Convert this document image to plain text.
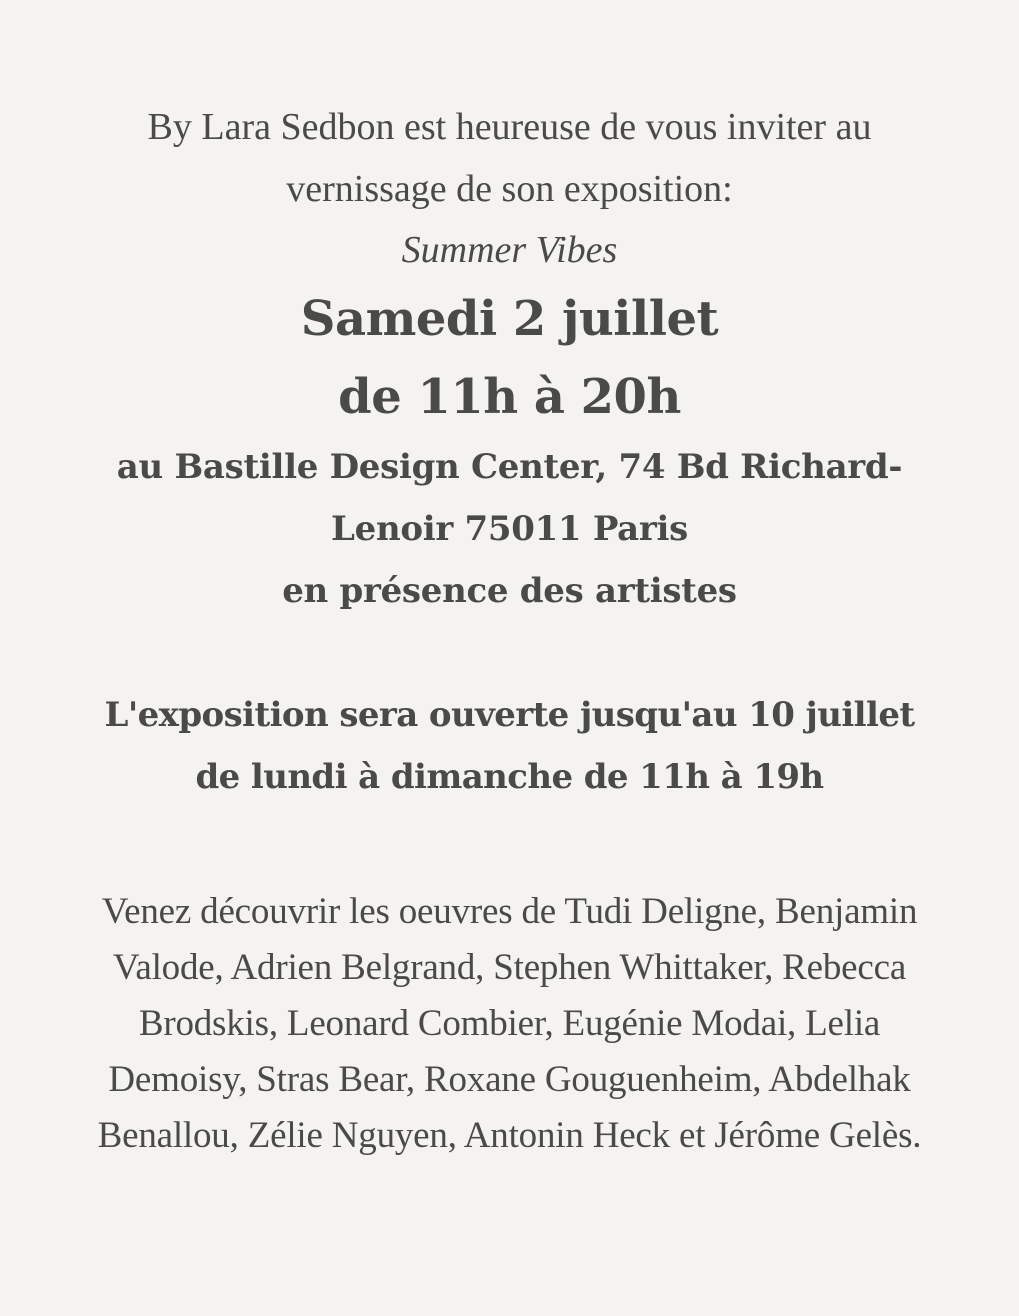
By Lara Sedbon est heureuse de vous inviter au

vernissage de son exposition:

Summer Vibes

Samedi 2 juillet

de 11h à 20h

au Bastille Design Center, 74 Bd Richard-

Lenoir 75011 Paris

en présence des artistes

L'exposition sera ouverte jusqu'au 10 juillet

de lundi à dimanche de 11h à 19h

Venez découvrir les oeuvres de Tudi Deligne, Benjamin

Valode, Adrien Belgrand, Stephen Whittaker, Rebecca

Brodskis, Leonard Combier, Eugénie Modai, Lelia

Demoisy, Stras Bear, Roxane Gouguenheim, Abdelhak

Benallou, Zélie Nguyen, Antonin Heck et Jérôme Gelès.
